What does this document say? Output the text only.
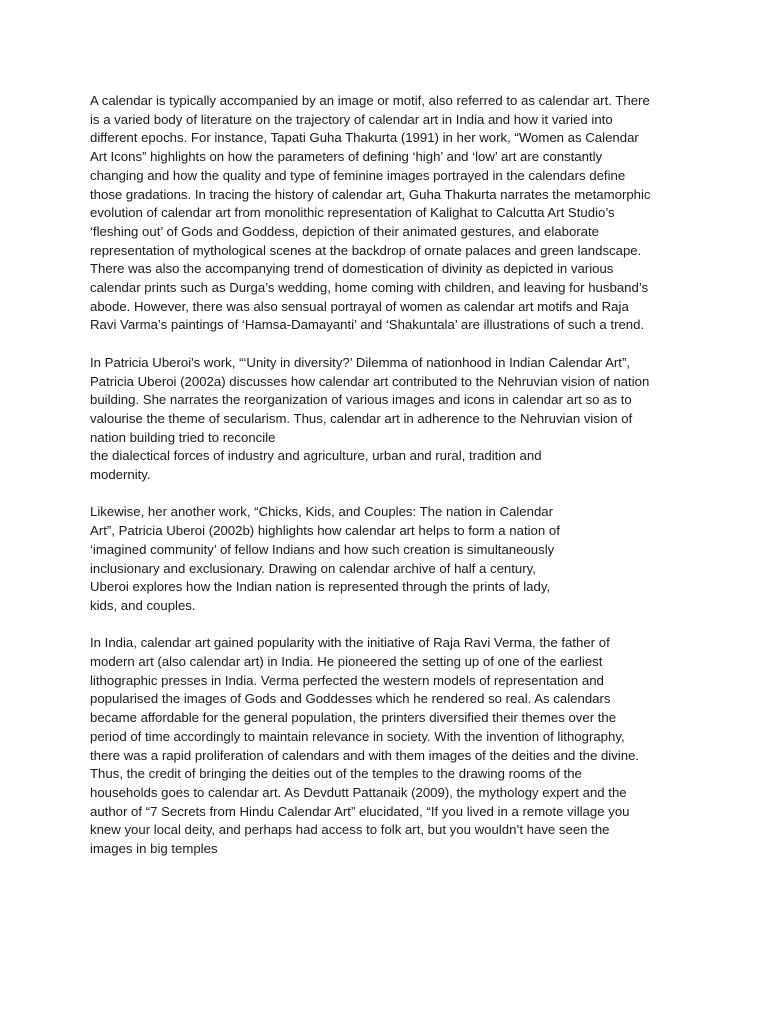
A calendar is typically accompanied by an image or motif, also referred to as calendar art. There
is a varied body of literature on the trajectory of calendar art in India and how it varied into
different epochs. For instance, Tapati Guha Thakurta (1991) in her work, “Women as Calendar
Art Icons” highlights on how the parameters of defining ‘high’ and ‘low’ art are constantly
changing and how the quality and type of feminine images portrayed in the calendars define
those gradations. In tracing the history of calendar art, Guha Thakurta narrates the metamorphic
evolution of calendar art from monolithic representation of Kalighat to Calcutta Art Studio’s
‘fleshing out’ of Gods and Goddess, depiction of their animated gestures, and elaborate
representation of mythological scenes at the backdrop of ornate palaces and green landscape.
There was also the accompanying trend of domestication of divinity as depicted in various
calendar prints such as Durga’s wedding, home coming with children, and leaving for husband’s
abode. However, there was also sensual portrayal of women as calendar art motifs and Raja
Ravi Varma’s paintings of ‘Hamsa-Damayanti’ and ‘Shakuntala’ are illustrations of such a trend.
In Patricia Uberoi's work, “‘Unity in diversity?’ Dilemma of nationhood in Indian Calendar Art”,
Patricia Uberoi (2002a) discusses how calendar art contributed to the Nehruvian vision of nation
building. She narrates the reorganization of various images and icons in calendar art so as to
valourise the theme of secularism. Thus, calendar art in adherence to the Nehruvian vision of
nation building tried to reconcile
the dialectical forces of industry and agriculture, urban and rural, tradition and
modernity.
Likewise, her another work, “Chicks, Kids, and Couples: The nation in Calendar
Art”, Patricia Uberoi (2002b) highlights how calendar art helps to form a nation of
‘imagined community’ of fellow Indians and how such creation is simultaneously
inclusionary and exclusionary. Drawing on calendar archive of half a century,
Uberoi explores how the Indian nation is represented through the prints of lady,
kids, and couples.
In India, calendar art gained popularity with the initiative of Raja Ravi Verma, the father of
modern art (also calendar art) in India. He pioneered the setting up of one of the earliest
lithographic presses in India. Verma perfected the western models of representation and
popularised the images of Gods and Goddesses which he rendered so real. As calendars
became affordable for the general population, the printers diversified their themes over the
period of time accordingly to maintain relevance in society. With the invention of lithography,
there was a rapid proliferation of calendars and with them images of the deities and the divine.
Thus, the credit of bringing the deities out of the temples to the drawing rooms of the
households goes to calendar art. As Devdutt Pattanaik (2009), the mythology expert and the
author of “7 Secrets from Hindu Calendar Art” elucidated, “If you lived in a remote village you
knew your local deity, and perhaps had access to folk art, but you wouldn’t have seen the
images in big temples
